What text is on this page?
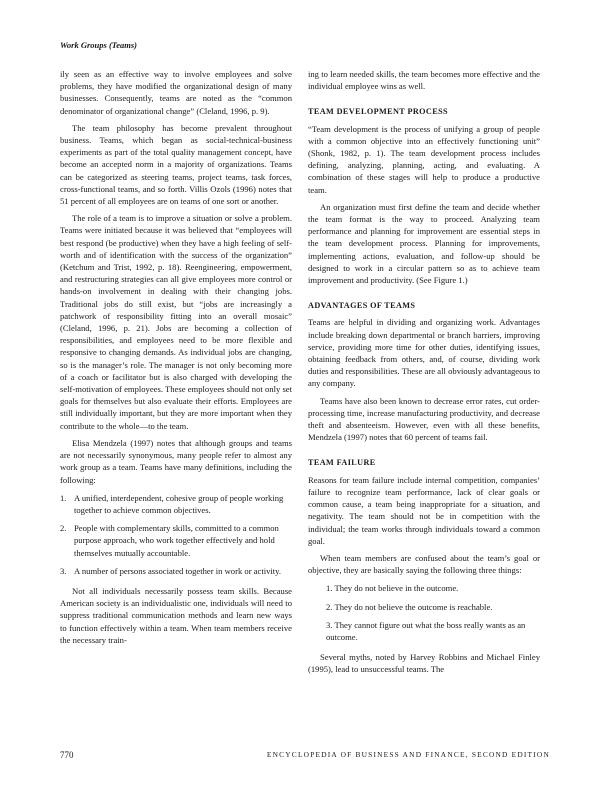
Work Groups (Teams)

ily seen as an effective way to involve employees and solve problems, they have modified the organizational design of many businesses. Consequently, teams are noted as the “common denominator of organizational change” (Cleland, 1996, p. 9).

The team philosophy has become prevalent throughout business. Teams, which began as social-technical-business experiments as part of the total quality management concept, have become an accepted norm in a majority of organizations. Teams can be categorized as steering teams, project teams, task forces, cross-functional teams, and so forth. Villis Ozols (1996) notes that 51 percent of all employees are on teams of one sort or another.

The role of a team is to improve a situation or solve a problem. Teams were initiated because it was believed that “employees will best respond (be productive) when they have a high feeling of self-worth and of identification with the success of the organization” (Ketchum and Trist, 1992, p. 18). Reengineering, empowerment, and restructuring strategies can all give employees more control or hands-on involvement in dealing with their changing jobs. Traditional jobs do still exist, but “jobs are increasingly a patchwork of responsibility fitting into an overall mosaic” (Cleland, 1996, p. 21). Jobs are becoming a collection of responsibilities, and employees need to be more flexible and responsive to changing demands. As individual jobs are changing, so is the manager’s role. The manager is not only becoming more of a coach or facilitator but is also charged with developing the self-motivation of employees. These employees should not only set goals for themselves but also evaluate their efforts. Employees are still individually important, but they are more important when they contribute to the whole—to the team.

Elisa Mendzela (1997) notes that although groups and teams are not necessarily synonymous, many people refer to almost any work group as a team. Teams have many definitions, including the following:

1. A unified, interdependent, cohesive group of people working together to achieve common objectives.
2. People with complementary skills, committed to a common purpose approach, who work together effectively and hold themselves mutually accountable.
3. A number of persons associated together in work or activity.

Not all individuals necessarily possess team skills. Because American society is an individualistic one, individuals will need to suppress traditional communication methods and learn new ways to function effectively within a team. When team members receive the necessary train-

ing to learn needed skills, the team becomes more effective and the individual employee wins as well.

TEAM DEVELOPMENT PROCESS

“Team development is the process of unifying a group of people with a common objective into an effectively functioning unit” (Shonk, 1982, p. 1). The team development process includes defining, analyzing, planning, acting, and evaluating. A combination of these stages will help to produce a productive team.

An organization must first define the team and decide whether the team format is the way to proceed. Analyzing team performance and planning for improvement are essential steps in the team development process. Planning for improvements, implementing actions, evaluation, and follow-up should be designed to work in a circular pattern so as to achieve team improvement and productivity. (See Figure 1.)

ADVANTAGES OF TEAMS

Teams are helpful in dividing and organizing work. Advantages include breaking down departmental or branch barriers, improving service, providing more time for other duties, identifying issues, obtaining feedback from others, and, of course, dividing work duties and responsibilities. These are all obviously advantageous to any company.

Teams have also been known to decrease error rates, cut order-processing time, increase manufacturing productivity, and decrease theft and absenteeism. However, even with all these benefits, Mendzela (1997) notes that 60 percent of teams fail.

TEAM FAILURE

Reasons for team failure include internal competition, companies’ failure to recognize team performance, lack of clear goals or common cause, a team being inappropriate for a situation, and negativity. The team should not be in competition with the individual; the team works through individuals toward a common goal.

When team members are confused about the team’s goal or objective, they are basically saying the following three things:

1. They do not believe in the outcome.
2. They do not believe the outcome is reachable.
3. They cannot figure out what the boss really wants as an outcome.

Several myths, noted by Harvey Robbins and Michael Finley (1995), lead to unsuccessful teams. The

770	ENCYCLOPEDIA OF BUSINESS AND FINANCE, SECOND EDITION
